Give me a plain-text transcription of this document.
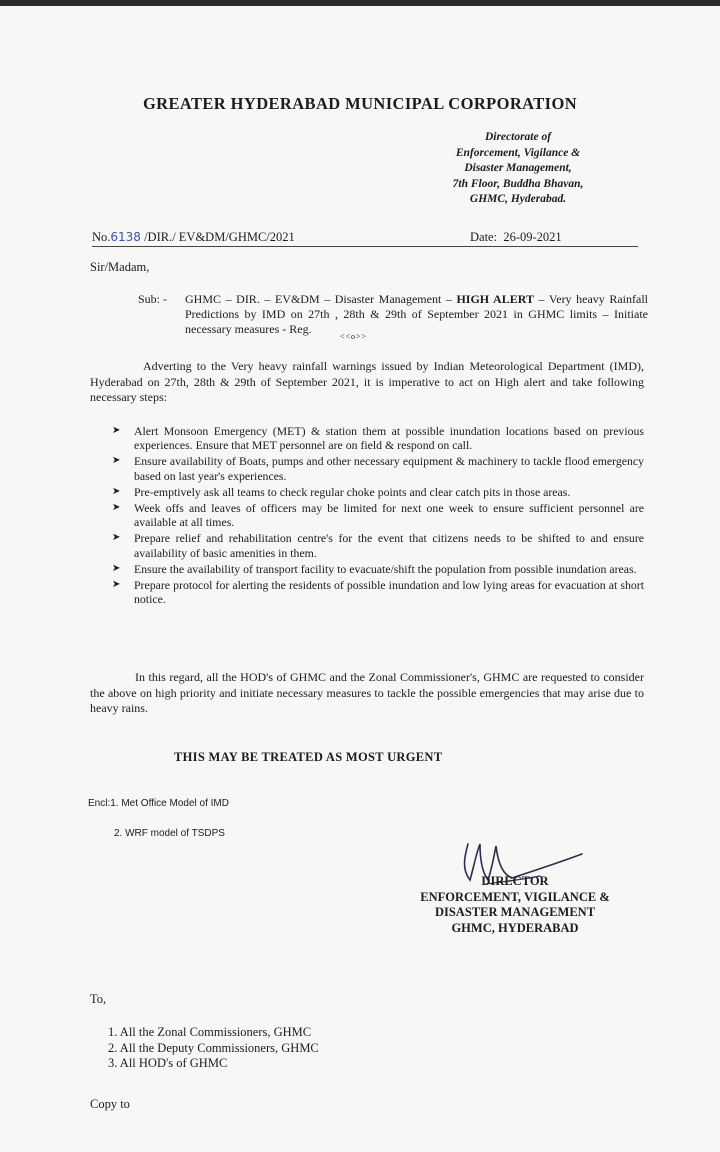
GREATER HYDERABAD MUNICIPAL CORPORATION
Directorate of
Enforcement, Vigilance &
Disaster Management,
7th Floor, Buddha Bhavan,
GHMC, Hyderabad.
No.6138 /DIR./ EV&DM/GHMC/2021	Date: 26-09-2021
Sir/Madam,
Sub: - GHMC – DIR. – EV&DM – Disaster Management – HIGH ALERT – Very heavy Rainfall Predictions by IMD on 27th , 28th & 29th of September 2021 in GHMC limits – Initiate necessary measures - Reg.
<<o>>
Adverting to the Very heavy rainfall warnings issued by Indian Meteorological Department (IMD), Hyderabad on 27th, 28th & 29th of September 2021, it is imperative to act on High alert and take following necessary steps:
➤ Alert Monsoon Emergency (MET) & station them at possible inundation locations based on previous experiences. Ensure that MET personnel are on field & respond on call.
➤ Ensure availability of Boats, pumps and other necessary equipment & machinery to tackle flood emergency based on last year's experiences.
➤ Pre-emptively ask all teams to check regular choke points and clear catch pits in those areas.
➤ Week offs and leaves of officers may be limited for next one week to ensure sufficient personnel are available at all times.
➤ Prepare relief and rehabilitation centre's for the event that citizens needs to be shifted to and ensure availability of basic amenities in them.
➤ Ensure the availability of transport facility to evacuate/shift the population from possible inundation areas.
➤ Prepare protocol for alerting the residents of possible inundation and low lying areas for evacuation at short notice.
In this regard, all the HOD's of GHMC and the Zonal Commissioner's, GHMC are requested to consider the above on high priority and initiate necessary measures to tackle the possible emergencies that may arise due to heavy rains.
THIS MAY BE TREATED AS MOST URGENT
Encl:1. Met Office Model of IMD
2. WRF model of TSDPS
DIRECTOR
ENFORCEMENT, VIGILANCE &
DISASTER MANAGEMENT
GHMC, HYDERABAD
To,
1. All the Zonal Commissioners, GHMC
2. All the Deputy Commissioners, GHMC
3. All HOD's of GHMC
Copy to
